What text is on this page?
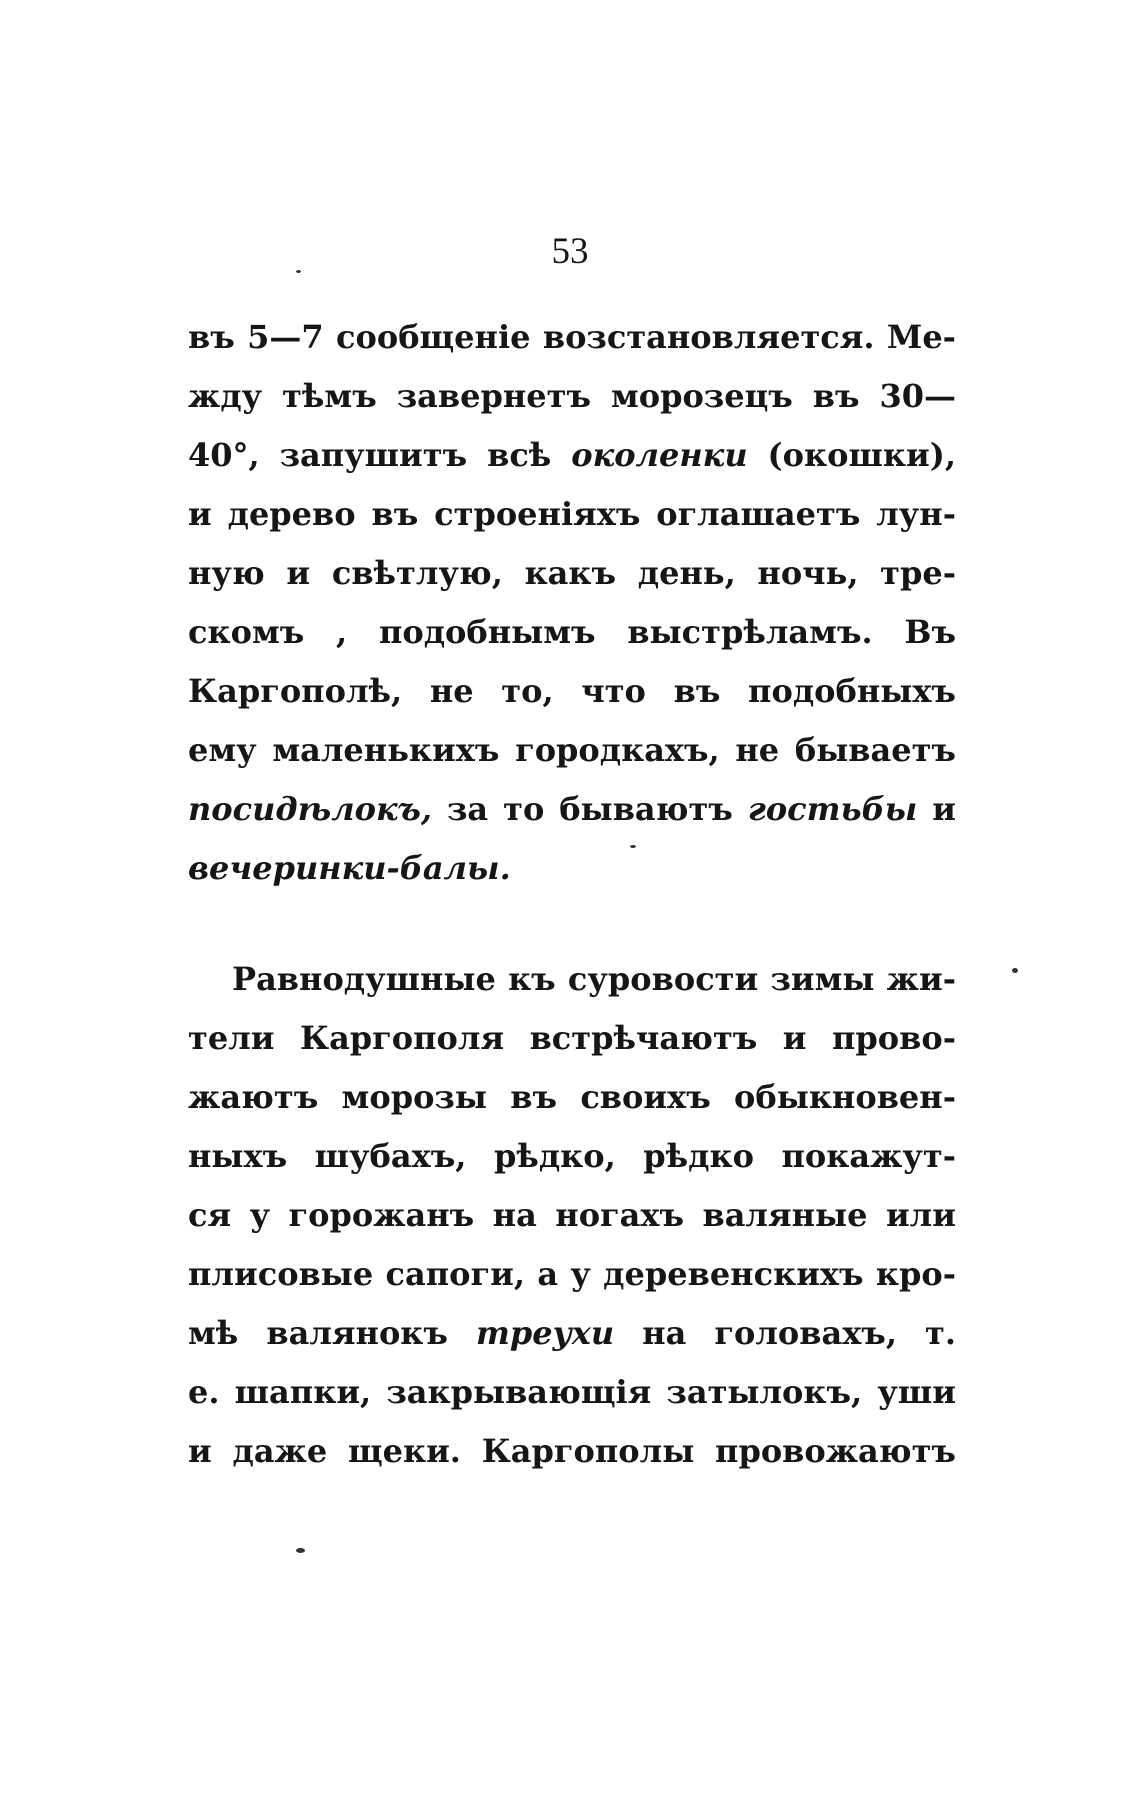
53
въ 5—7 сообщеніе возстановляется. Ме-
жду тѣмъ завернетъ морозецъ въ 30—
40°, запушитъ всѣ околенки (окошки),
и дерево въ строеніяхъ оглашаетъ лун-
ную и свѣтлую, какъ день, ночь, тре-
скомъ , подобнымъ выстрѣламъ. Въ
Каргополѣ, не то, что въ подобныхъ
ему маленькихъ городкахъ, не бываетъ
посидѣлокъ, за то бываютъ гостьбы и
вечеринки-балы.
Равнодушные къ суровости зимы жи-
тели Каргополя встрѣчаютъ и прово-
жаютъ морозы въ своихъ обыкновен-
ныхъ шубахъ, рѣдко, рѣдко покажут-
ся у горожанъ на ногахъ валяные или
плисовые сапоги, а у деревенскихъ кро-
мѣ валянокъ треухи на головахъ, т.
е. шапки, закрывающія затылокъ, уши
и даже щеки. Каргополы провожаютъ
